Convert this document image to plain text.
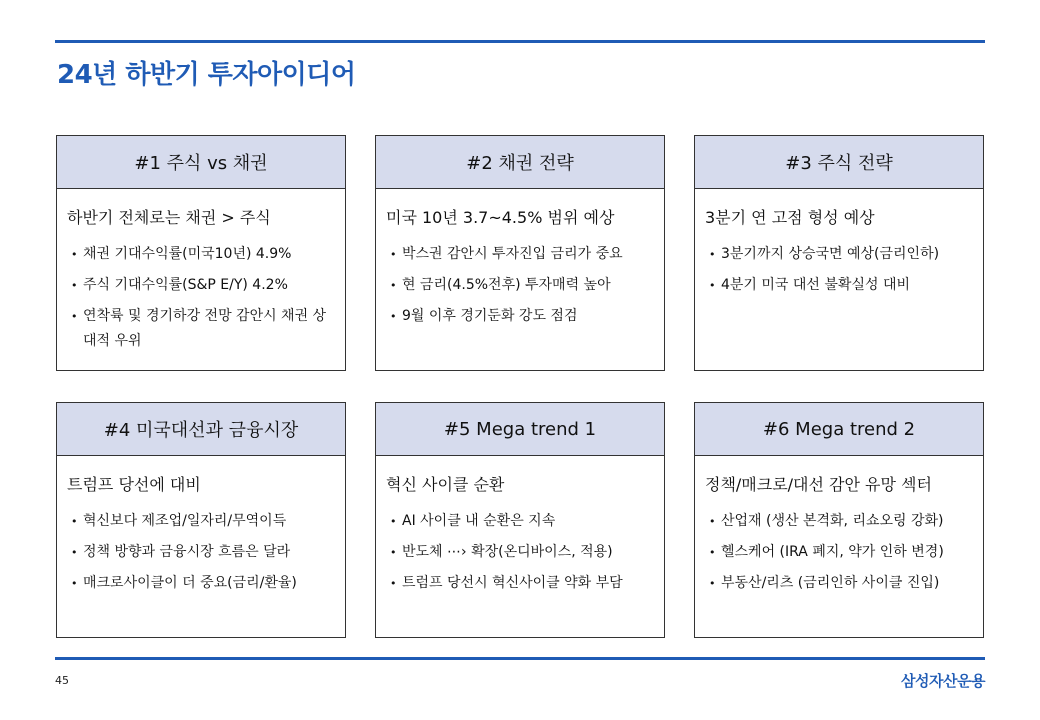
24년 하반기 투자아이디어
#1 주식 vs 채권
하반기 전체로는 채권 > 주식
• 채권 기대수익률(미국10년) 4.9%
• 주식 기대수익률(S&P E/Y) 4.2%
• 연착륙 및 경기하강 전망 감안시 채권 상대적 우위
#2 채권 전략
미국 10년 3.7~4.5% 범위 예상
• 박스권 감안시 투자진입 금리가 중요
• 현 금리(4.5%전후) 투자매력 높아
• 9월 이후 경기둔화 강도 점검
#3 주식 전략
3분기 연 고점 형성 예상
• 3분기까지 상승국면 예상(금리인하)
• 4분기 미국 대선 불확실성 대비
#4 미국대선과 금융시장
트럼프 당선에 대비
• 혁신보다 제조업/일자리/무역이득
• 정책 방향과 금융시장 흐름은 달라
• 매크로사이클이 더 중요(금리/환율)
#5 Mega trend 1
혁신 사이클 순환
• AI 사이클 내 순환은 지속
• 반도체 ⋯› 확장(온디바이스, 적용)
• 트럼프 당선시 혁신사이클 약화 부담
#6 Mega trend 2
정책/매크로/대선 감안 유망 섹터
• 산업재 (생산 본격화, 리쇼오링 강화)
• 헬스케어 (IRA 폐지, 약가 인하 변경)
• 부동산/리츠 (금리인하 사이클 진입)
45	삼성자산운용
